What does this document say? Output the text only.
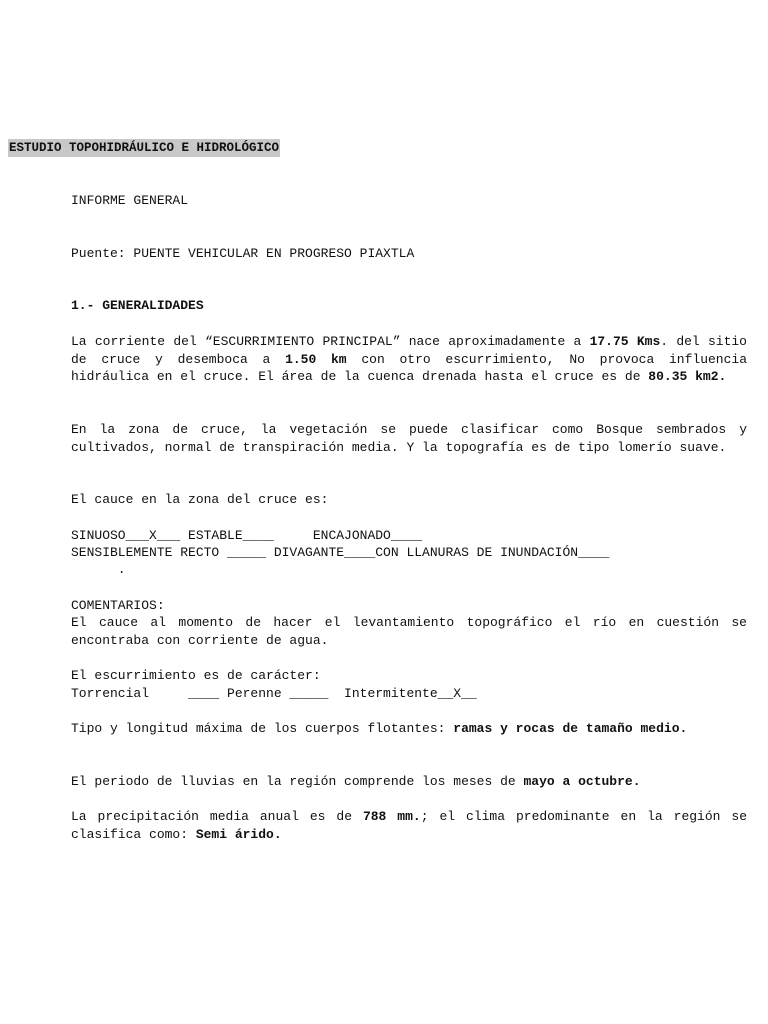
ESTUDIO TOPOHIDRÁULICO E HIDROLÓGICO
INFORME GENERAL
Puente: PUENTE VEHICULAR EN PROGRESO PIAXTLA
1.- GENERALIDADES
La corriente del “ESCURRIMIENTO PRINCIPAL” nace aproximadamente a 17.75 Kms. del sitio de cruce y desemboca a 1.50 km con otro escurrimiento, No provoca influencia hidráulica en el cruce. El área de la cuenca drenada hasta el cruce es de 80.35 km2.
En la zona de cruce, la vegetación se puede clasificar como Bosque sembrados y cultivados, normal de transpiración media. Y la topografía es de tipo lomerío suave.
El cauce en la zona del cruce es:
SINUOSO___X___ ESTABLE____     ENCAJONADO____
SENSIBLEMENTE RECTO _____ DIVAGANTE____CON LLANURAS DE INUNDACIÓN____
.
COMENTARIOS:
El cauce al momento de hacer el levantamiento topográfico el río en cuestión se encontraba con corriente de agua.
El escurrimiento es de carácter:
Torrencial     ____ Perenne _____  Intermitente__X__
Tipo y longitud máxima de los cuerpos flotantes: ramas y rocas de tamaño medio.
El periodo de lluvias en la región comprende los meses de mayo a octubre.
La precipitación media anual es de 788 mm.; el clima predominante en la región se clasifica como: Semi árido.
